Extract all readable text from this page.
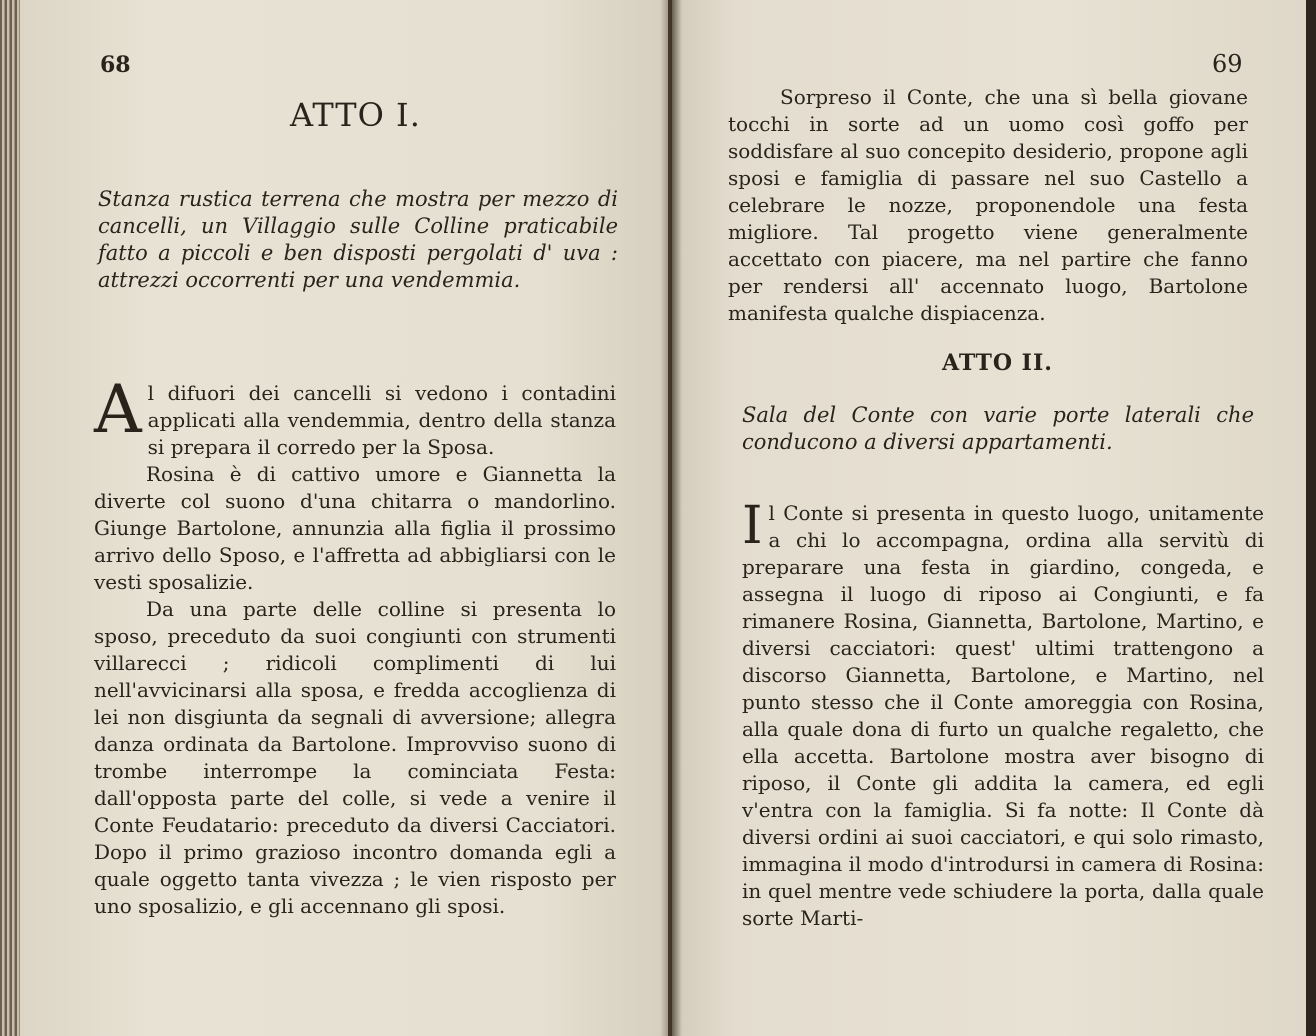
68
ATTO I.
Stanza rustica terrena che mostra per mezzo di cancelli, un Villaggio sulle Colline praticabile fatto a piccoli e ben disposti pergolati d' uva : attrezzi occorrenti per una vendemmia.

Al difuori dei cancelli si vedono i contadini applicati alla vendemmia, dentro della stanza si prepara il corredo per la Sposa.

Rosina è di cattivo umore e Giannetta la diverte col suono d'una chitarra o mandorlino. Giunge Bartolone, annunzia alla figlia il prossimo arrivo dello Sposo, e l'affretta ad abbigliarsi con le vesti sposalizie.

Da una parte delle colline si presenta lo sposo, preceduto da suoi congiunti con strumenti villarecci ; ridicoli complimenti di lui nell'avvicinarsi alla sposa, e fredda accoglienza di lei non disgiunta da segnali di avversione; allegra danza ordinata da Bartolone. Improvviso suono di trombe interrompe la cominciata Festa: dall'opposta parte del colle, si vede a venire il Conte Feudatario: preceduto da diversi Cacciatori. Dopo il primo grazioso incontro domanda egli a quale oggetto tanta vivezza ; le vien risposto per uno sposalizio, e gli accennano gli sposi.

69

Sorpreso il Conte, che una sì bella giovane tocchi in sorte ad un uomo così goffo per soddisfare al suo concepito desiderio, propone agli sposi e famiglia di passare nel suo Castello a celebrare le nozze, proponendole una festa migliore. Tal progetto viene generalmente accettato con piacere, ma nel partire che fanno per rendersi all' accennato luogo, Bartolone manifesta qualche dispiacenza.

ATTO II.
Sala del Conte con varie porte laterali che conducono a diversi appartamenti.

Il Conte si presenta in questo luogo, unitamente a chi lo accompagna, ordina alla servitù di preparare una festa in giardino, congeda, e assegna il luogo di riposo ai Congiunti, e fa rimanere Rosina, Giannetta, Bartolone, Martino, e diversi cacciatori: quest' ultimi trattengono a discorso Giannetta, Bartolone, e Martino, nel punto stesso che il Conte amoreggia con Rosina, alla quale dona di furto un qualche regaletto, che ella accetta. Bartolone mostra aver bisogno di riposo, il Conte gli addita la camera, ed egli v'entra con la famiglia. Si fa notte: Il Conte dà diversi ordini ai suoi cacciatori, e qui solo rimasto, immagina il modo d'introdursi in camera di Rosina: in quel mentre vede schiudere la porta, dalla quale sorte Marti-
